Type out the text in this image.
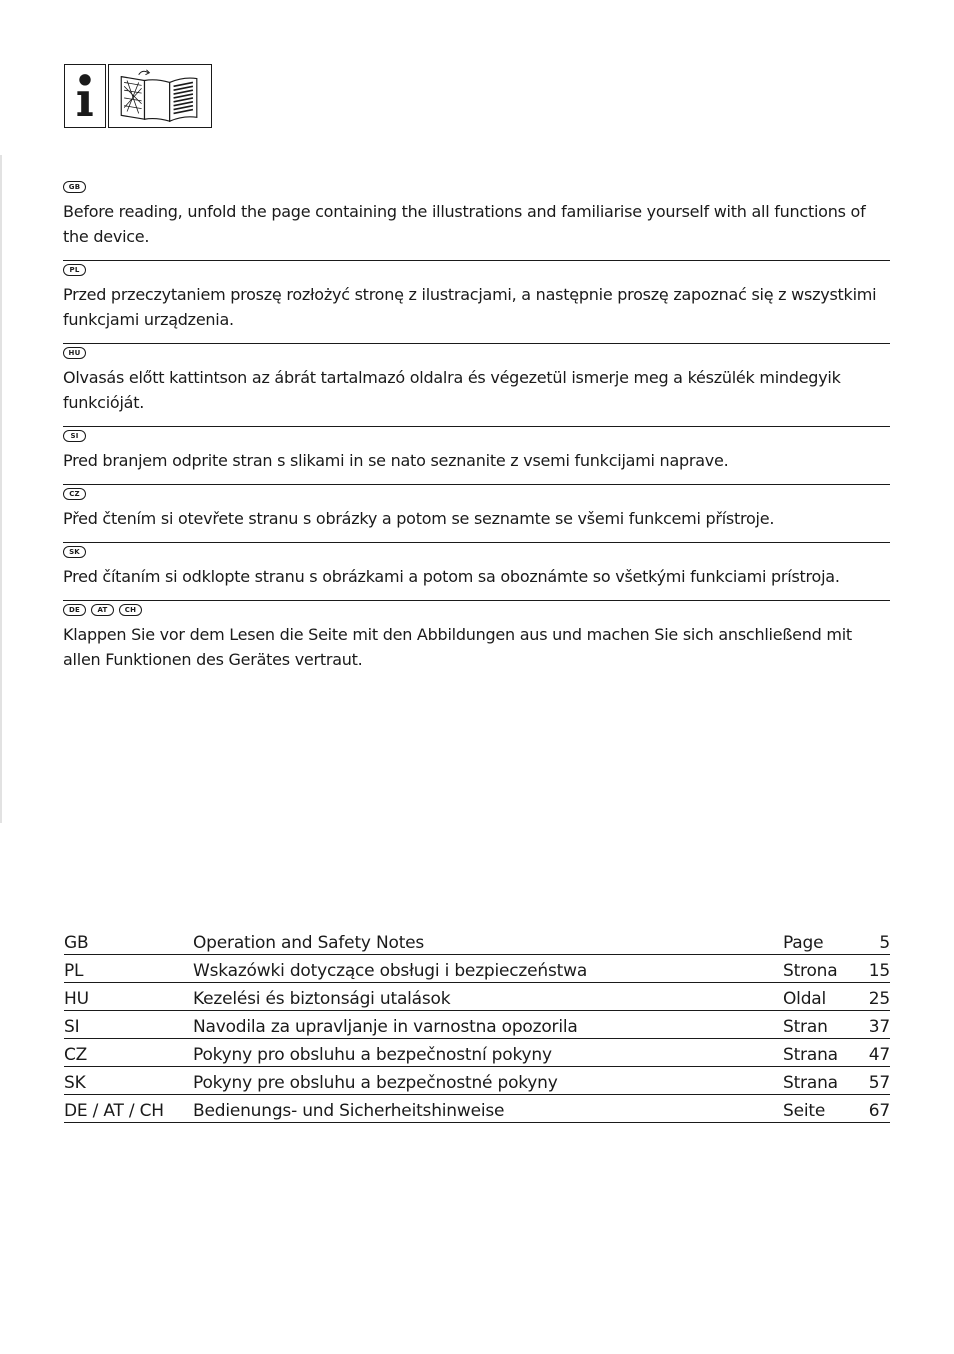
GB

Before reading, unfold the page containing the illustrations and familiarise yourself with all functions of the device.

PL

Przed przeczytaniem proszę rozłożyć stronę z ilustracjami, a następnie proszę zapoznać się z wszystkimi funkcjami urządzenia.

HU

Olvasás előtt kattintson az ábrát tartalmazó oldalra és végezetül ismerje meg a készülék mindegyik funkcióját.

SI

Pred branjem odprite stran s slikami in se nato seznanite z vsemi funkcijami naprave.

CZ

Před čtením si otevřete stranu s obrázky a potom se seznamte se všemi funkcemi přístroje.

SK

Pred čítaním si odklopte stranu s obrázkami a potom sa oboznámte so všetkými funkciami prístroja.

DE	AT	CH

Klappen Sie vor dem Lesen die Seite mit den Abbildungen aus und machen Sie sich anschließend mit allen Funktionen des Gerätes vertraut.

GB	Operation and Safety Notes	Page	5
PL	Wskazówki dotyczące obsługi i bezpieczeństwa	Strona	15
HU	Kezelési és biztonsági utalások	Oldal	25
SI	Navodila za upravljanje in varnostna opozorila	Stran	37
CZ	Pokyny pro obsluhu a bezpečnostní pokyny	Strana	47
SK	Pokyny pre obsluhu a bezpečnostné pokyny	Strana	57
DE / AT / CH	Bedienungs- und Sicherheitshinweise	Seite	67
